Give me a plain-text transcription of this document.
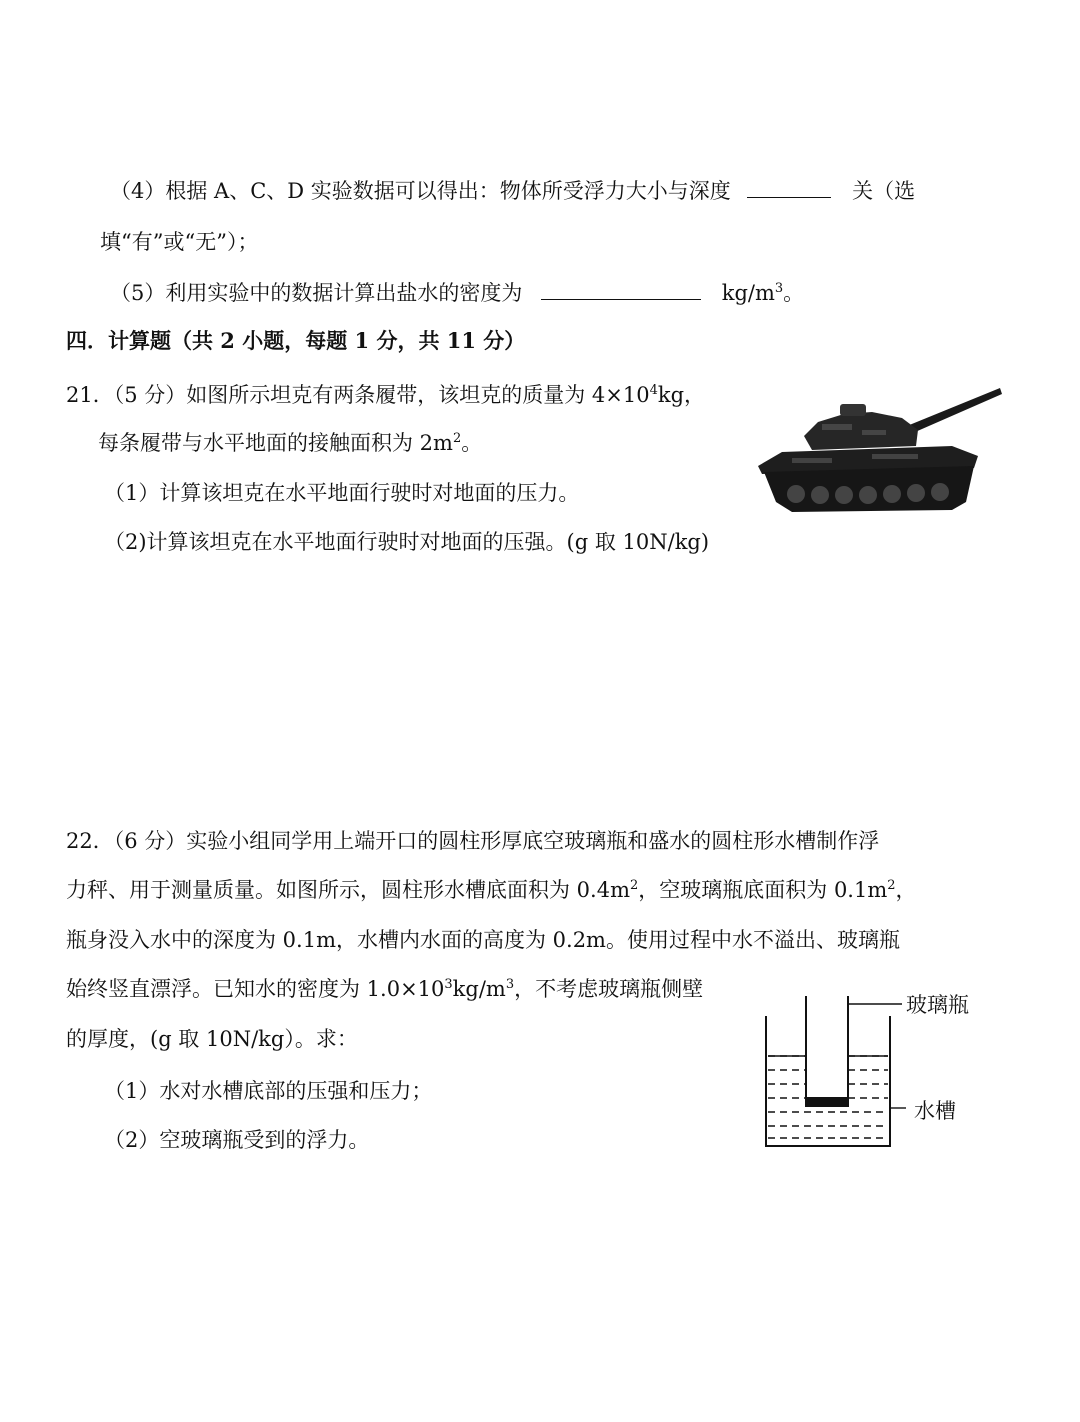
（4）根据 A、C、D 实验数据可以得出：物体所受浮力大小与深度	关（选
填“有”或“无”）；
（5）利用实验中的数据计算出盐水的密度为	$kg/m^3$。
四．计算题（共 2 小题，每题 1 分，共 11 分）
21．（5 分）如图所示坦克有两条履带，该坦克的质量为 $4\times 10^4kg$，
每条履带与水平地面的接触面积为 $2m^2$。
（1）计算该坦克在水平地面行驶时对地面的压力。
（2)计算该坦克在水平地面行驶时对地面的压强。(g 取 10N/kg)
22．（6 分）实验小组同学用上端开口的圆柱形厚底空玻璃瓶和盛水的圆柱形水槽制作浮
力秤、用于测量质量。如图所示，圆柱形水槽底面积为 $0.4m^2$，空玻璃瓶底面积为 $0.1m^2$，
瓶身没入水中的深度为 0.1m，水槽内水面的高度为 0.2m。使用过程中水不溢出、玻璃瓶
始终竖直漂浮。已知水的密度为 $1.0\times 10^3kg/m^3$，不考虑玻璃瓶侧壁
的厚度，(g 取 10N/kg）。求：
（1）水对水槽底部的压强和压力；
（2）空玻璃瓶受到的浮力。
玻璃瓶
水槽
